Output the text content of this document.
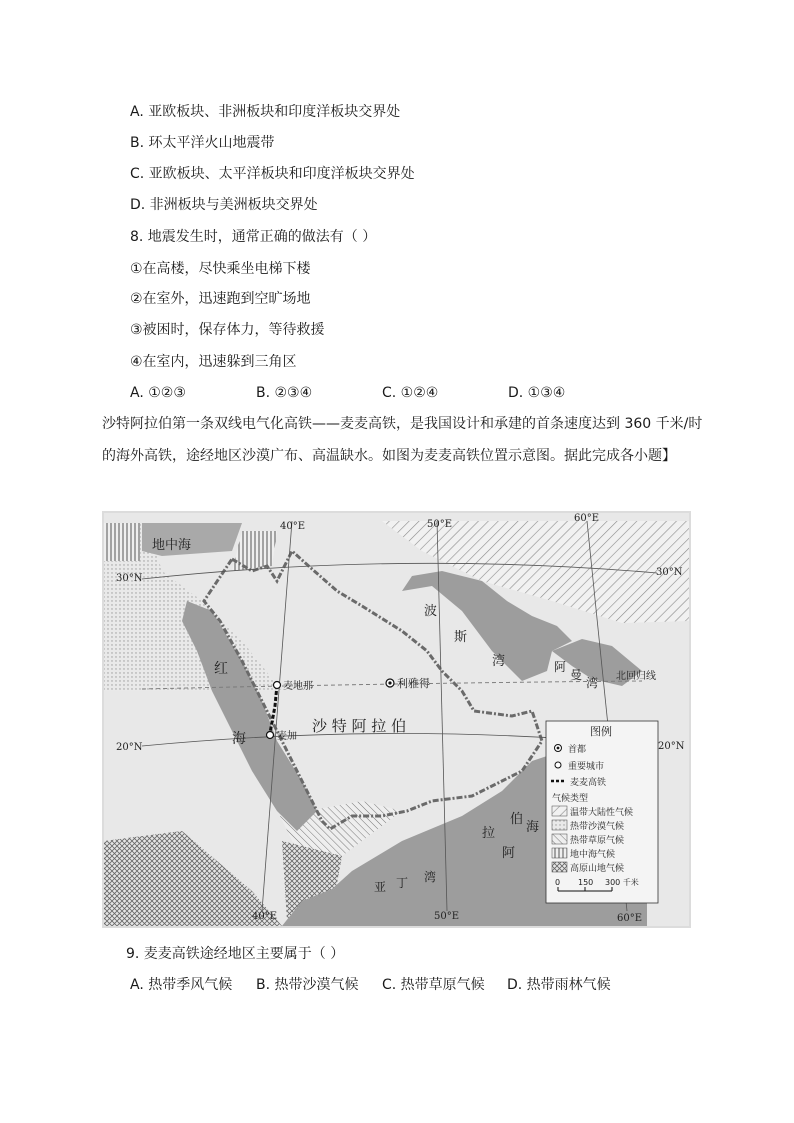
A. 亚欧板块、非洲板块和印度洋板块交界处
B. 环太平洋火山地震带
C. 亚欧板块、太平洋板块和印度洋板块交界处
D. 非洲板块与美洲板块交界处
8. 地震发生时，通常正确的做法有（ ）
①在高楼，尽快乘坐电梯下楼
②在室外，迅速跑到空旷场地
③被困时，保存体力，等待救援
④在室内，迅速躲到三角区
A. ①②③	B. ②③④	C. ①②④	D. ①③④
沙特阿拉伯第一条双线电气化高铁——麦麦高铁，是我国设计和承建的首条速度达到 360 千米/时
的海外高铁，途经地区沙漠广布、高温缺水。如图为麦麦高铁位置示意图。据此完成各小题】
40°E	50°E
60°E
40°E	50°E	60°E
30°N
30°N
20°N	20°N
地中海
红
海
波
斯
湾	阿
曼
湾
沙 特 阿 拉 伯
阿
拉
伯
海
亚 丁 湾
北回归线
麦地那
麦加
利雅得
图例
首都
重要城市
麦麦高铁
气候类型
温带大陆性气候
热带沙漠气候
热带草原气候
地中海气候
高原山地气候
0 150 300 千米
9. 麦麦高铁途经地区主要属于（ ）
A. 热带季风气候 B. 热带沙漠气候 C. 热带草原气候 D. 热带雨林气候
